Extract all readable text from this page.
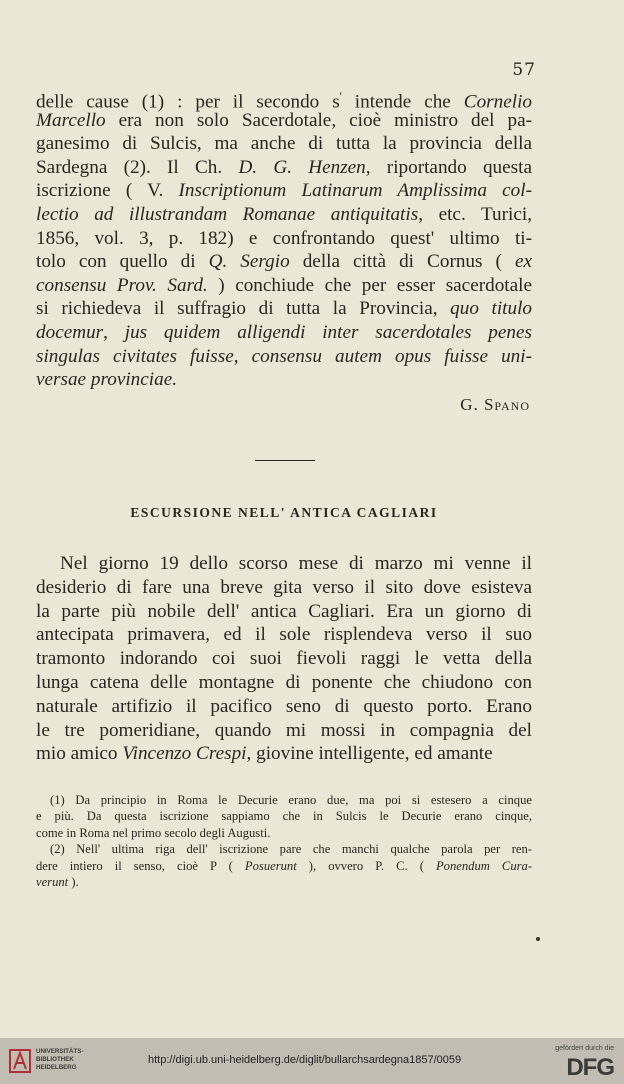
57
delle cause (1) : per il secondo s' intende che Cornelio
Marcello era non solo Sacerdotale, cioè ministro del pa-
ganesimo di Sulcis, ma anche di tutta la provincia della
Sardegna (2). Il Ch. D. G. Henzen, riportando questa
iscrizione ( V. Inscriptionum Latinarum Amplissima col-
lectio ad illustrandam Romanae antiquitatis, etc. Turici,
1856, vol. 3, p. 182) e confrontando quest' ultimo ti-
tolo con quello di Q. Sergio della città di Cornus ( ex
consensu Prov. Sard. ) conchiude che per esser sacerdotale
si richiedeva il suffragio di tutta la Provincia, quo titulo
docemur, jus quidem alligendi inter sacerdotales penes
singulas civitates fuisse, consensu autem opus fuisse uni-
versae provinciae.
G. Spano
ESCURSIONE NELL' ANTICA CAGLIARI
Nel giorno 19 dello scorso mese di marzo mi venne il
desiderio di fare una breve gita verso il sito dove esisteva
la parte più nobile dell' antica Cagliari. Era un giorno di
antecipata primavera, ed il sole risplendeva verso il suo
tramonto indorando coi suoi fievoli raggi le vetta della
lunga catena delle montagne di ponente che chiudono con
naturale artifizio il pacifico seno di questo porto. Erano
le tre pomeridiane, quando mi mossi in compagnia del
mio amico Vincenzo Crespi, giovine intelligente, ed amante
(1) Da principio in Roma le Decurie erano due, ma poi si estesero a cinque
e più. Da questa iscrizione sappiamo che in Sulcis le Decurie erano cinque,
come in Roma nel primo secolo degli Augusti.
(2) Nell' ultima riga dell' iscrizione pare che manchi qualche parola per ren-
dere intiero il senso, cioè P ( Posuerunt ), ovvero P. C. ( Ponendum Cura-
verunt ).
UNIVERSITÄTS-
BIBLIOTHEK
HEIDELBERG
http://digi.ub.uni-heidelberg.de/diglit/bullarchsardegna1857/0059
gefördert durch die
DFG
